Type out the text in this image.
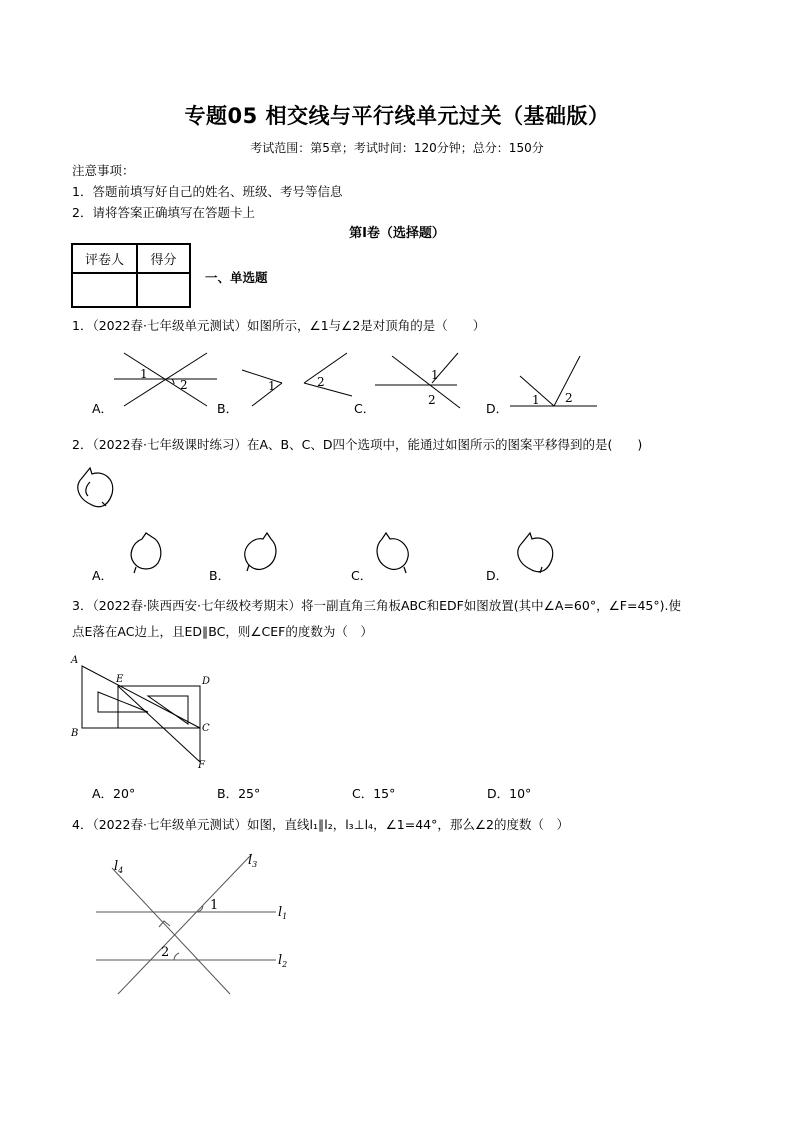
专题05 相交线与平行线单元过关（基础版）
考试范围：第5章；考试时间：120分钟；总分：150分
注意事项：
1．答题前填写好自己的姓名、班级、考号等信息
2．请将答案正确填写在答题卡上
第I卷（选择题）
评卷人	得分

一、单选题
1．（2022春·七年级单元测试）如图所示，∠1与∠2是对顶角的是（　　）
1
2	1	2	1
2	1 2
A．	B．	C．	D．
2．（2022春·七年级课时练习）在A、B、C、D四个选项中，能通过如图所示的图案平移得到的是(　　)
A．	B．	C．	D．
3．（2022春·陕西西安·七年级校考期末）将一副直角三角板ABC和EDF如图放置(其中∠A=60°，∠F=45°).使
点E落在AC边上，且ED∥BC，则∠CEF的度数为（　）
A
E	D
B	C
F
A．20°	B．25°	C．15°	D．10°
4．（2022春·七年级单元测试）如图，直线l₁∥l₂，l₃⊥l₄，∠1=44°，那么∠2的度数（　）
$l_4$
$l_3$
$l_1$
$l_2$
1
2
